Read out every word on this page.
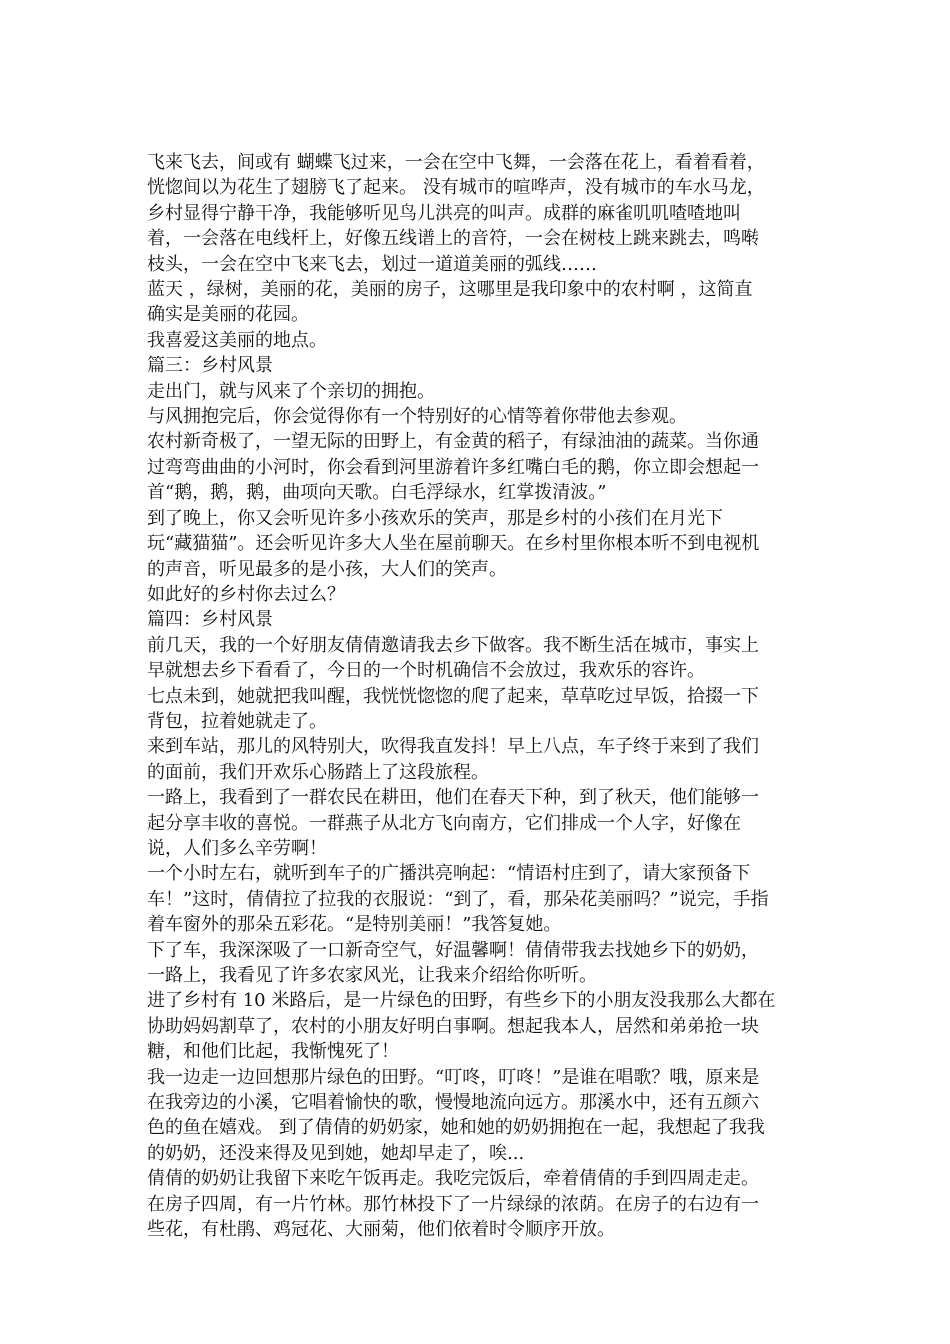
飞来飞去，间或有 蝴蝶飞过来，一会在空中飞舞，一会落在花上，看着看着，
恍惚间以为花生了翅膀飞了起来。 没有城市的喧哗声，没有城市的车水马龙，
乡村显得宁静干净，我能够听见鸟儿洪亮的叫声。成群的麻雀叽叽喳喳地叫
着，一会落在电线杆上，好像五线谱上的音符，一会在树枝上跳来跳去，鸣啭
枝头，一会在空中飞来飞去，划过一道道美丽的弧线……
蓝天 ，绿树，美丽的花，美丽的房子，这哪里是我印象中的农村啊 ，这简直
确实是美丽的花园。
我喜爱这美丽的地点。
篇三：乡村风景
走出门，就与风来了个亲切的拥抱。
与风拥抱完后，你会觉得你有一个特别好的心情等着你带他去参观。
农村新奇极了，一望无际的田野上，有金黄的稻子，有绿油油的蔬菜。当你通
过弯弯曲曲的小河时，你会看到河里游着许多红嘴白毛的鹅，你立即会想起一
首“鹅，鹅，鹅，曲项向天歌。白毛浮绿水，红掌拨清波。”
到了晚上，你又会听见许多小孩欢乐的笑声，那是乡村的小孩们在月光下
玩“藏猫猫”。还会听见许多大人坐在屋前聊天。在乡村里你根本听不到电视机
的声音，听见最多的是小孩，大人们的笑声。
如此好的乡村你去过么？
篇四：乡村风景
前几天，我的一个好朋友倩倩邀请我去乡下做客。我不断生活在城市，事实上
早就想去乡下看看了，今日的一个时机确信不会放过，我欢乐的容许。
七点未到，她就把我叫醒，我恍恍惚惚的爬了起来，草草吃过早饭，拾掇一下
背包，拉着她就走了。
来到车站，那儿的风特别大，吹得我直发抖！早上八点，车子终于来到了我们
的面前，我们开欢乐心肠踏上了这段旅程。
一路上，我看到了一群农民在耕田，他们在春天下种，到了秋天，他们能够一
起分享丰收的喜悦。一群燕子从北方飞向南方，它们排成一个人字，好像在
说，人们多么辛劳啊！
一个小时左右，就听到车子的广播洪亮响起：“情语村庄到了，请大家预备下
车！”这时，倩倩拉了拉我的衣服说：“到了，看，那朵花美丽吗？”说完，手指
着车窗外的那朵五彩花。“是特别美丽！”我答复她。
下了车，我深深吸了一口新奇空气，好温馨啊！倩倩带我去找她乡下的奶奶，
一路上，我看见了许多农家风光，让我来介绍给你听听。
进了乡村有 10 米路后，是一片绿色的田野，有些乡下的小朋友没我那么大都在
协助妈妈割草了，农村的小朋友好明白事啊。想起我本人，居然和弟弟抢一块
糖，和他们比起，我惭愧死了！
我一边走一边回想那片绿色的田野。“叮咚，叮咚！”是谁在唱歌？哦，原来是
在我旁边的小溪，它唱着愉快的歌，慢慢地流向远方。那溪水中，还有五颜六
色的鱼在嬉戏。 到了倩倩的奶奶家，她和她的奶奶拥抱在一起，我想起了我我
的奶奶，还没来得及见到她，她却早走了，唉...
倩倩的奶奶让我留下来吃午饭再走。我吃完饭后，牵着倩倩的手到四周走走。
在房子四周，有一片竹林。那竹林投下了一片绿绿的浓荫。在房子的右边有一
些花，有杜鹃、鸡冠花、大丽菊，他们依着时令顺序开放。
